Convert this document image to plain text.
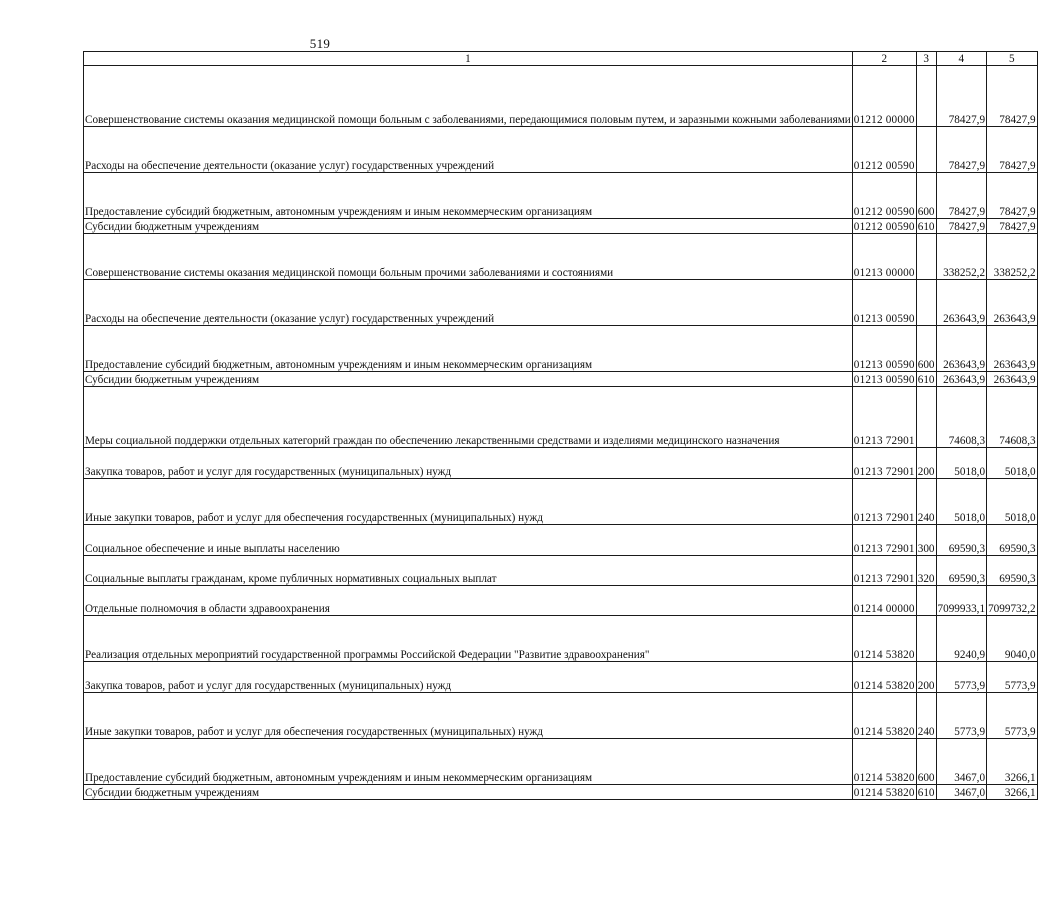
519
1	2	3	4	5
Совершенствование системы оказания медицинской помощи больным с заболеваниями, передающимися половым путем, и заразными кожными заболеваниями	01212 00000		78427,9	78427,9
Расходы на обеспечение деятельности (оказание услуг) государственных учреждений	01212 00590		78427,9	78427,9
Предоставление субсидий бюджетным, автономным учреждениям и иным некоммерческим организациям	01212 00590	600	78427,9	78427,9
Субсидии бюджетным учреждениям	01212 00590	610	78427,9	78427,9
Совершенствование системы оказания медицинской помощи больным прочими заболеваниями и состояниями	01213 00000		338252,2	338252,2
Расходы на обеспечение деятельности (оказание услуг) государственных учреждений	01213 00590		263643,9	263643,9
Предоставление субсидий бюджетным, автономным учреждениям и иным некоммерческим организациям	01213 00590	600	263643,9	263643,9
Субсидии бюджетным учреждениям	01213 00590	610	263643,9	263643,9
Меры социальной поддержки отдельных категорий граждан по обеспечению лекарственными средствами и изделиями медицинского назначения	01213 72901		74608,3	74608,3
Закупка товаров, работ и услуг для государственных (муниципальных) нужд	01213 72901	200	5018,0	5018,0
Иные закупки товаров, работ и услуг для обеспечения государственных (муниципальных) нужд	01213 72901	240	5018,0	5018,0
Социальное обеспечение и иные выплаты населению	01213 72901	300	69590,3	69590,3
Социальные выплаты гражданам, кроме публичных нормативных социальных выплат	01213 72901	320	69590,3	69590,3
Отдельные полномочия в области здравоохранения	01214 00000		7099933,1	7099732,2
Реализация отдельных мероприятий государственной программы Российской Федерации "Развитие здравоохранения"	01214 53820		9240,9	9040,0
Закупка товаров, работ и услуг для государственных (муниципальных) нужд	01214 53820	200	5773,9	5773,9
Иные закупки товаров, работ и услуг для обеспечения государственных (муниципальных) нужд	01214 53820	240	5773,9	5773,9
Предоставление субсидий бюджетным, автономным учреждениям и иным некоммерческим организациям	01214 53820	600	3467,0	3266,1
Субсидии бюджетным учреждениям	01214 53820	610	3467,0	3266,1
